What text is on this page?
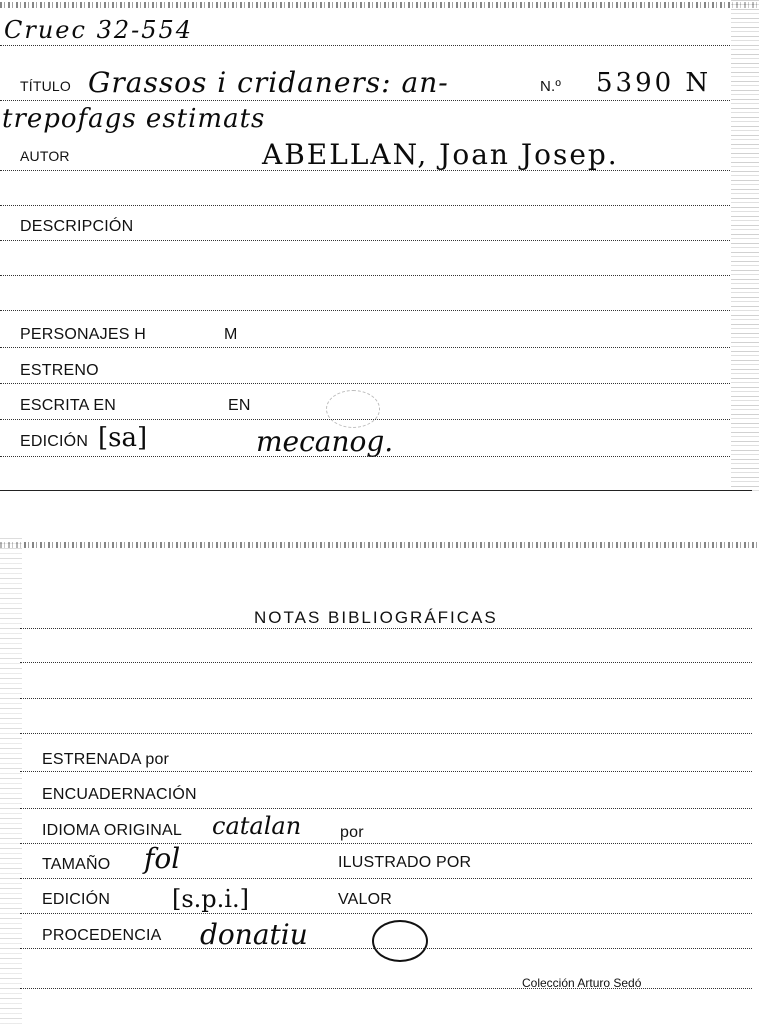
Cruec 32-554
TÍTULO Grassos i cridaners: an-	N.º 5390 N
trepofags estimats
AUTOR	ABELLAN, Joan Josep.
DESCRIPCIÓN
PERSONAJES H	M
ESTRENO
ESCRITA EN	EN
EDICIÓN [sa]	mecanog.
NOTAS BIBLIOGRÁFICAS
ESTRENADA por
ENCUADERNACIÓN
IDIOMA ORIGINAL catalan por
TAMAÑO fol	ILUSTRADO POR
EDICIÓN	[s.p.i.]	VALOR
PROCEDENCIA donatiu
Colección Arturo Sedó
